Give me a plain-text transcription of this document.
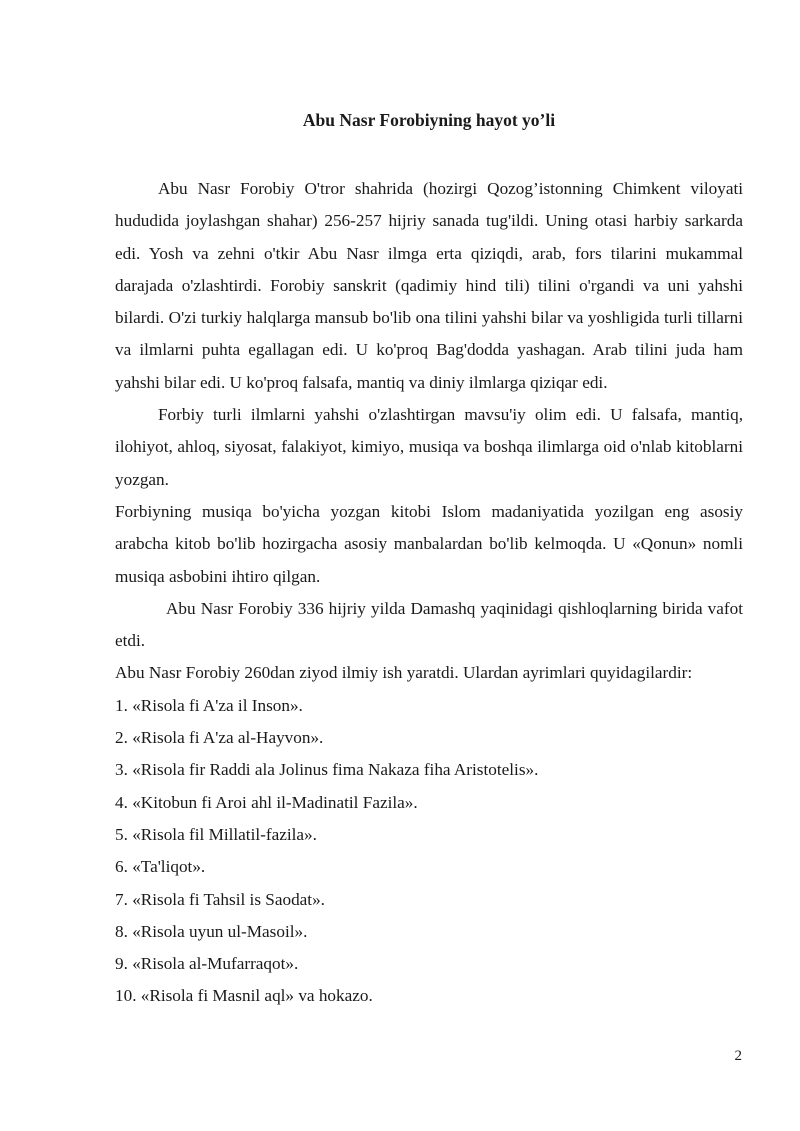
Abu Nasr Forobiyning hayot yo’li

Abu Nasr Forobiy O'tror shahrida (hozirgi Qozog’istonning Chimkent viloyati hududida joylashgan shahar) 256-257 hijriy sanada tug'ildi. Uning otasi harbiy sarkarda edi. Yosh va zehni o'tkir Abu Nasr ilmga erta qiziqdi, arab, fors tilarini mukammal darajada o'zlashtirdi. Forobiy sanskrit (qadimiy hind tili) tilini o'rgandi va uni yahshi bilardi. O'zi turkiy halqlarga mansub bo'lib ona tilini yahshi bilar va yoshligida turli tillarni va ilmlarni puhta egallagan edi. U ko'proq Bag'dodda yashagan. Arab tilini juda ham yahshi bilar edi. U ko'proq falsafa, mantiq va diniy ilmlarga qiziqar edi.

Forbiy turli ilmlarni yahshi o'zlashtirgan mavsu'iy olim edi. U falsafa, mantiq, ilohiyot, ahloq, siyosat, falakiyot, kimiyo, musiqa va boshqa ilimlarga oid o'nlab kitoblarni yozgan.

Forbiyning musiqa bo'yicha yozgan kitobi Islom madaniyatida yozilgan eng asosiy arabcha kitob bo'lib hozirgacha asosiy manbalardan bo'lib kelmoqda. U «Qonun» nomli musiqa asbobini ihtiro qilgan.

Abu Nasr Forobiy 336 hijriy yilda Damashq yaqinidagi qishloqlarning birida vafot etdi.

Abu Nasr Forobiy 260dan ziyod ilmiy ish yaratdi. Ulardan ayrimlari quyidagilardir:

1. «Risola fi A'za il Inson».
2. «Risola fi A'za al-Hayvon».
3. «Risola fir Raddi ala Jolinus fima Nakaza fiha Aristotelis».
4. «Kitobun fi Aroi ahl il-Madinatil Fazila».
5. «Risola fil Millatil-fazila».
6. «Ta'liqot».
7. «Risola fi Tahsil is Saodat».
8. «Risola uyun ul-Masoil».
9. «Risola al-Mufarraqot».
10. «Risola fi Masnil aql» va hokazo.
2
